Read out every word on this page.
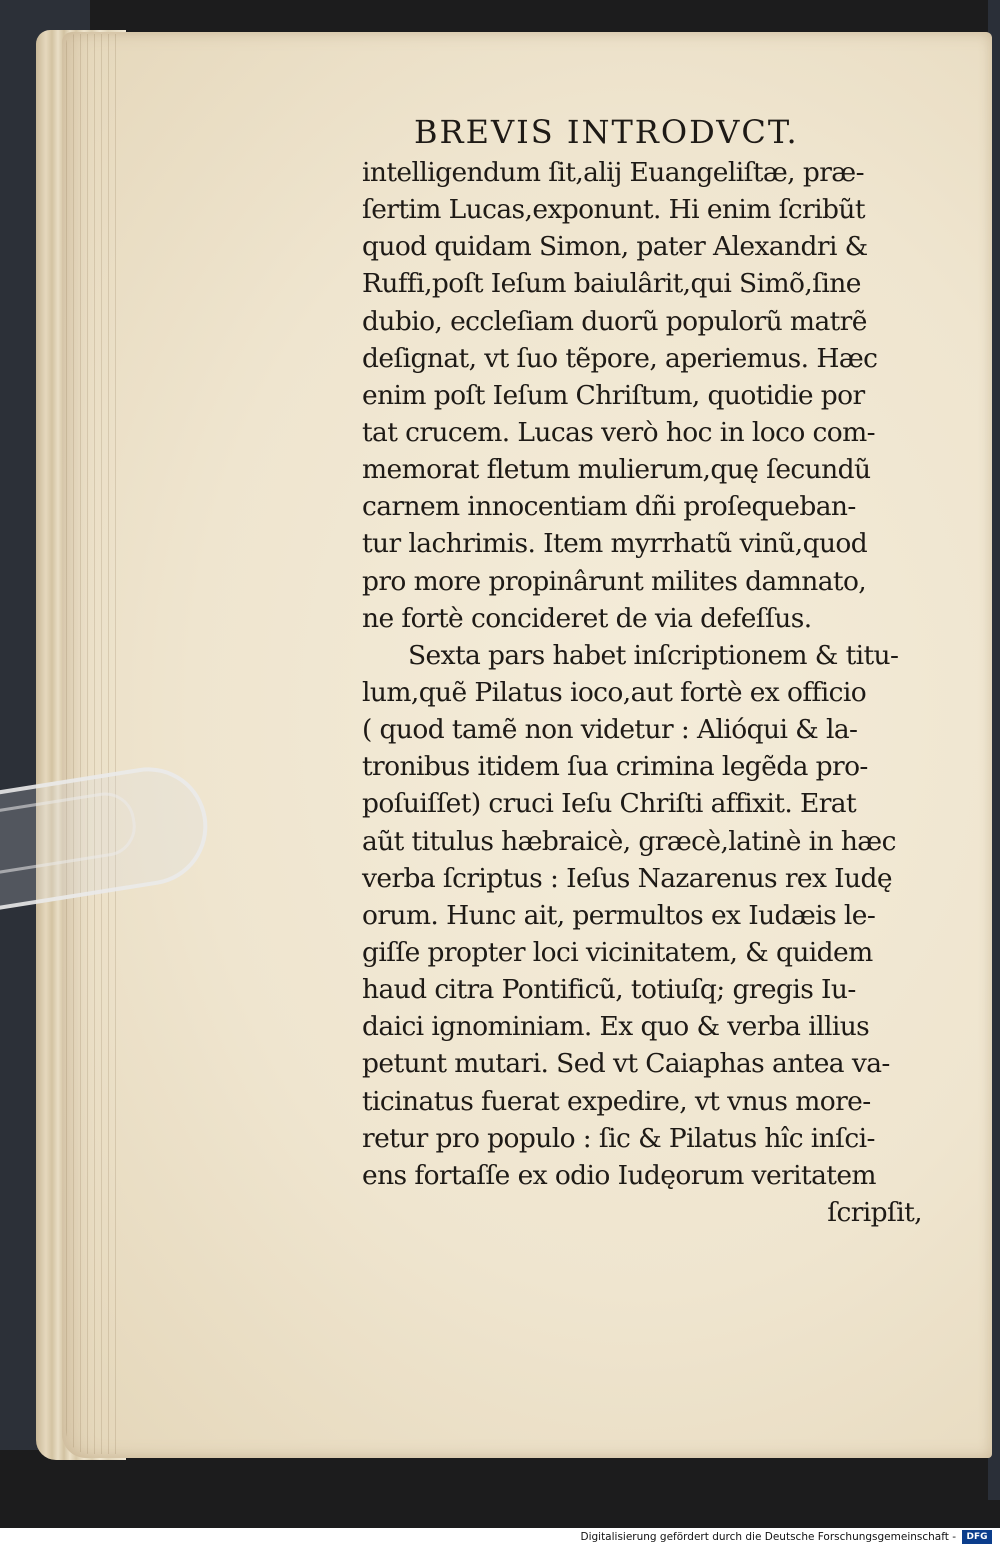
BREVIS INTRODVCT.
intelligendum ſit,alij Euangeliſtæ, præ-
ſertim Lucas,exponunt. Hi enim ſcribũt
quod quidam Simon, pater Alexandri &
Ruffi,poſt Ieſum baiulârit,qui Simõ,ſine
dubio, eccleſiam duorũ populorũ matrẽ
deſignat, vt ſuo tẽpore, aperiemus. Hæc
enim poſt Ieſum Chriſtum, quotidie por
tat crucem. Lucas verò hoc in loco com-
memorat fletum mulierum,quę ſecundũ
carnem innocentiam dñi proſequeban-
tur lachrimis. Item myrrhatũ vinũ,quod
pro more propinârunt milites damnato,
ne fortè concideret de via defeſſus.
Sexta pars habet inſcriptionem & titu-
lum,quẽ Pilatus ioco,aut fortè ex officio
( quod tamẽ non videtur : Alióqui & la-
tronibus itidem ſua crimina legẽda pro-
poſuiſſet) cruci Ieſu Chriſti affixit. Erat
aũt titulus hæbraicè, græcè,latinè in hæc
verba ſcriptus : Ieſus Nazarenus rex Iudę
orum. Hunc ait, permultos ex Iudæis le-
giſſe propter loci vicinitatem, & quidem
haud citra Pontificũ, totiuſq; gregis Iu-
daici ignominiam. Ex quo & verba illius
petunt mutari. Sed vt Caiaphas antea va-
ticinatus fuerat expedire, vt vnus more-
retur pro populo : ſic & Pilatus hîc inſci-
ens fortaſſe ex odio Iudęorum veritatem
ſcripſit,
Digitalisierung gefördert durch die Deutsche Forschungsgemeinschaft -	DFG
